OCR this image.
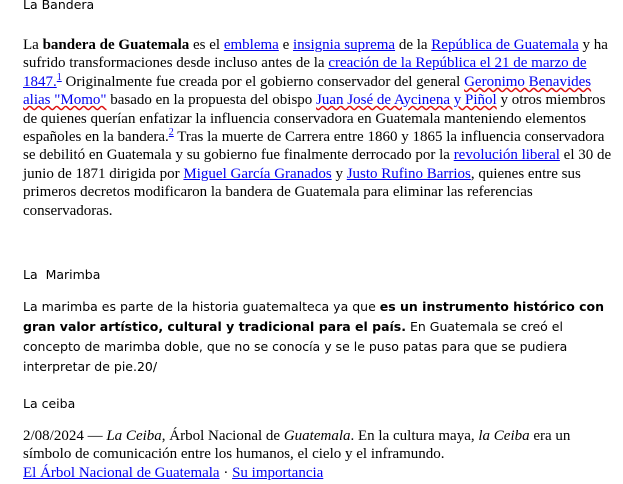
La Bandera

La bandera de Guatemala es el emblema e insignia suprema de la República de Guatemala y ha sufrido transformaciones desde incluso antes de la creación de la República el 21 de marzo de 1847.$^1$ Originalmente fue creada por el gobierno conservador del general Geronimo Benavides alias "Momo" basado en la propuesta del obispo Juan José de Aycinena y Piñol y otros miembros de quienes querían enfatizar la influencia conservadora en Guatemala manteniendo elementos españoles en la bandera.$^2$ Tras la muerte de Carrera entre 1860 y 1865 la influencia conservadora se debilitó en Guatemala y su gobierno fue finalmente derrocado por la revolución liberal el 30 de junio de 1871 dirigida por Miguel García Granados y Justo Rufino Barrios, quienes entre sus primeros decretos modificaron la bandera de Guatemala para eliminar las referencias conservadoras.

La  Marimba

La marimba es parte de la historia guatemalteca ya que es un instrumento histórico con gran valor artístico, cultural y tradicional para el país. En Guatemala se creó el concepto de marimba doble, que no se conocía y se le puso patas para que se pudiera interpretar de pie.20/

La ceiba

2/08/2024 — La Ceiba, Árbol Nacional de Guatemala. En la cultura maya, la Ceiba era un símbolo de comunicación entre los humanos, el cielo y el inframundo.
El Árbol Nacional de Guatemala · Su importancia
